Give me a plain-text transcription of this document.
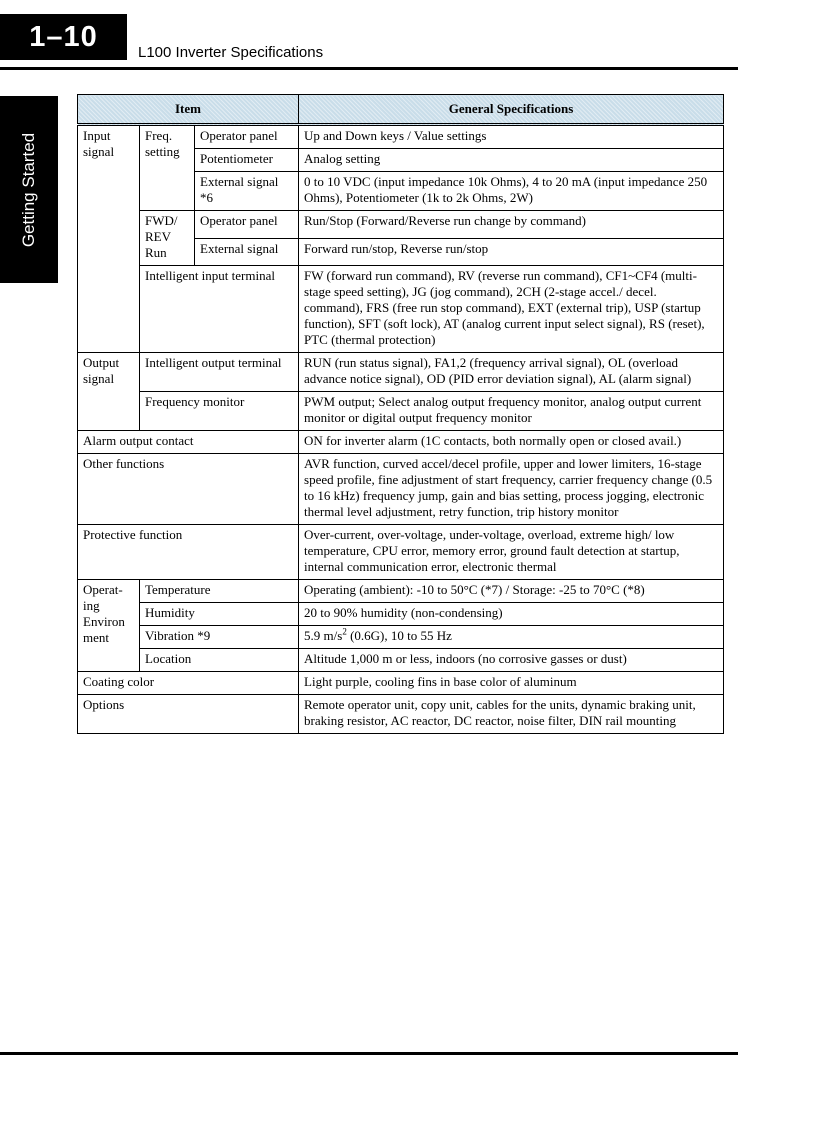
1–10	L100 Inverter Specifications
Getting Started
Item			General Specifications
Input signal	Freq. setting	Operator panel	Up and Down keys / Value settings
		Potentiometer	Analog setting
		External signal *6	0 to 10 VDC (input impedance 10k Ohms), 4 to 20 mA (input impedance 250 Ohms), Potentiometer (1k to 2k Ohms, 2W)
	FWD/ REV Run	Operator panel	Run/Stop (Forward/Reverse run change by command)
		External signal	Forward run/stop, Reverse run/stop
	Intelligent input terminal		FW (forward run command), RV (reverse run command), CF1~CF4 (multi-stage speed setting), JG (jog command), 2CH (2-stage accel./ decel. command), FRS (free run stop command), EXT (external trip), USP (startup function), SFT (soft lock), AT (analog current input select signal), RS (reset), PTC (thermal protection)
Output signal	Intelligent output terminal		RUN (run status signal), FA1,2 (frequency arrival signal), OL (overload advance notice signal), OD (PID error deviation signal), AL (alarm signal)
	Frequency monitor		PWM output; Select analog output frequency monitor, analog output current monitor or digital output frequency monitor
Alarm output contact			ON for inverter alarm (1C contacts, both normally open or closed avail.)
Other functions			AVR function, curved accel/decel profile, upper and lower limiters, 16-stage speed profile, fine adjustment of start frequency, carrier frequency change (0.5 to 16 kHz) frequency jump, gain and bias setting, process jogging, electronic thermal level adjustment, retry function, trip history monitor
Protective function			Over-current, over-voltage, under-voltage, overload, extreme high/ low temperature, CPU error, memory error, ground fault detection at startup, internal communication error, electronic thermal
Operat- ing Environ ment	Temperature		Operating (ambient): -10 to 50°C (*7) / Storage: -25 to 70°C (*8)
	Humidity		20 to 90% humidity (non-condensing)
	Vibration *9		5.9 $m/s^2$ (0.6G), 10 to 55 Hz
	Location		Altitude 1,000 m or less, indoors (no corrosive gasses or dust)
Coating color			Light purple, cooling fins in base color of aluminum
Options			Remote operator unit, copy unit, cables for the units, dynamic braking unit, braking resistor, AC reactor, DC reactor, noise filter, DIN rail mounting
